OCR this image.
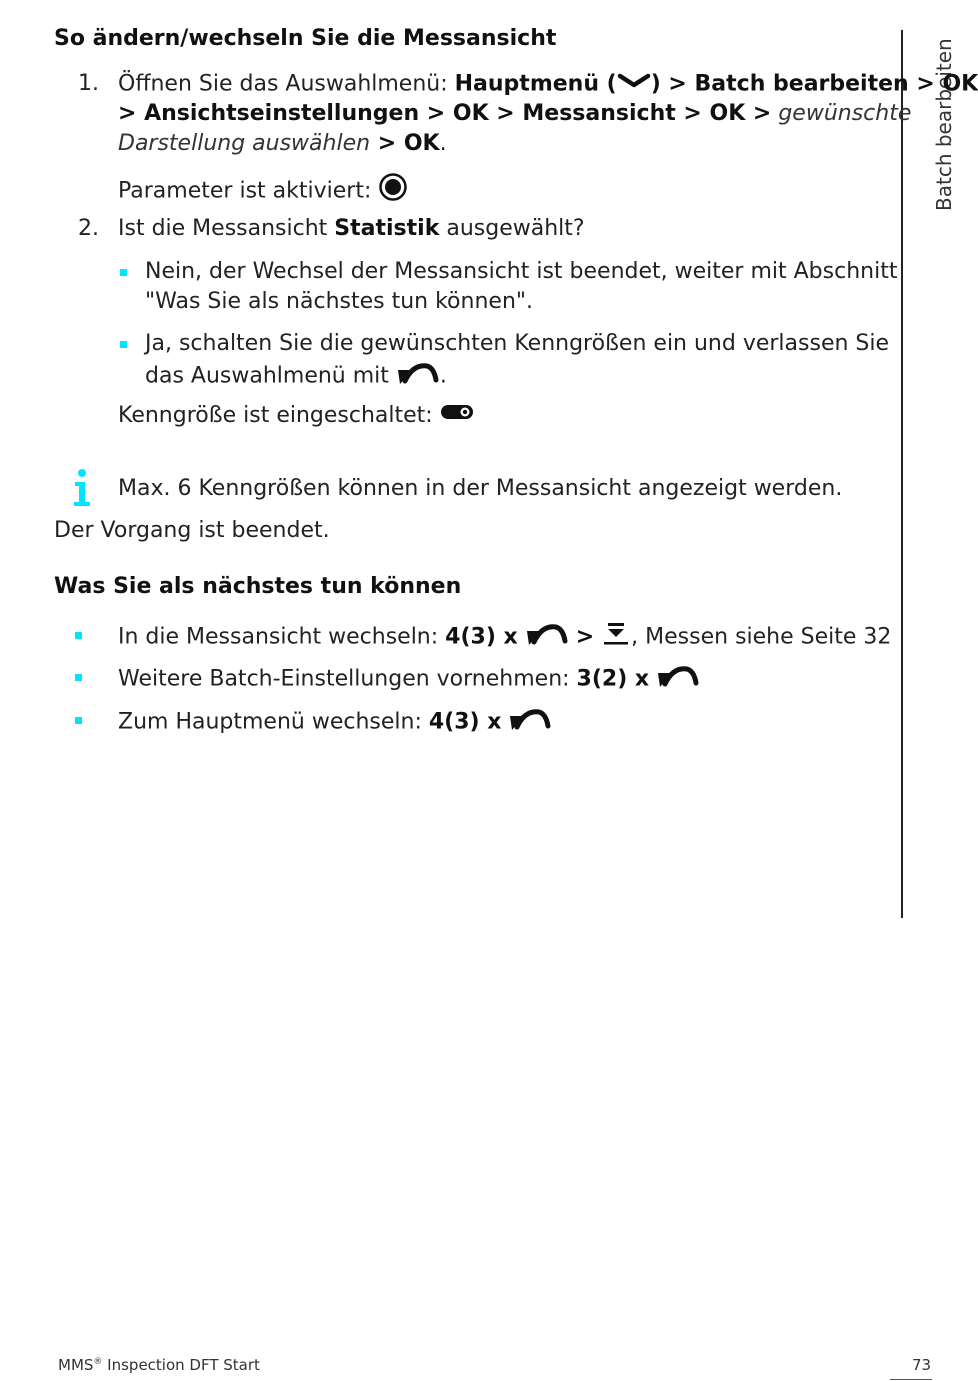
Batch bearbeiten
So ändern/wechseln Sie die Messansicht
1. Öffnen Sie das Auswahlmenü: Hauptmenü ( ) > Batch bearbeiten > OK
> Ansichtseinstellungen > OK > Messansicht > OK > gewünschte
Darstellung auswählen > OK.
Parameter ist aktiviert:
2. Ist die Messansicht Statistik ausgewählt?
Nein, der Wechsel der Messansicht ist beendet, weiter mit Abschnitt
"Was Sie als nächstes tun können".
Ja, schalten Sie die gewünschten Kenngrößen ein und verlassen Sie
das Auswahlmenü mit .
Kenngröße ist eingeschaltet:
Max. 6 Kenngrößen können in der Messansicht angezeigt werden.
Der Vorgang ist beendet.
Was Sie als nächstes tun können
In die Messansicht wechseln: 4(3) x	> , Messen siehe Seite 32
Weitere Batch-Einstellungen vornehmen: 3(2) x
Zum Hauptmenü wechseln: 4(3) x
MMS® Inspection DFT Start	73
